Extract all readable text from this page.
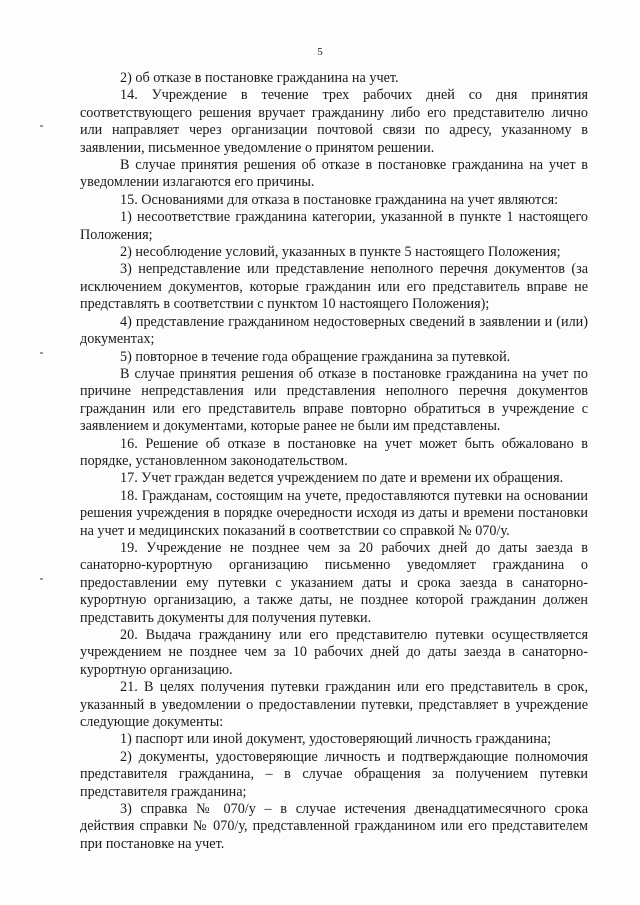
5

2) об отказе в постановке гражданина на учет.

14. Учреждение в течение трех рабочих дней со дня принятия соответствующего решения вручает гражданину либо его представителю лично или направляет через организации почтовой связи по адресу, указанному в заявлении, письменное уведомление о принятом решении.

В случае принятия решения об отказе в постановке гражданина на учет в уведомлении излагаются его причины.

15. Основаниями для отказа в постановке гражданина на учет являются:

1) несоответствие гражданина категории, указанной в пункте 1 настоящего Положения;

2) несоблюдение условий, указанных в пункте 5 настоящего Положения;

3) непредставление или представление неполного перечня документов (за исключением документов, которые гражданин или его представитель вправе не представлять в соответствии с пунктом 10 настоящего Положения);

4) представление гражданином недостоверных сведений в заявлении и (или) документах;

5) повторное в течение года обращение гражданина за путевкой.

В случае принятия решения об отказе в постановке гражданина на учет по причине непредставления или представления неполного перечня документов гражданин или его представитель вправе повторно обратиться в учреждение с заявлением и документами, которые ранее не были им представлены.

16. Решение об отказе в постановке на учет может быть обжаловано в порядке, установленном законодательством.

17. Учет граждан ведется учреждением по дате и времени их обращения.

18. Гражданам, состоящим на учете, предоставляются путевки на основании решения учреждения в порядке очередности исходя из даты и времени постановки на учет и медицинских показаний в соответствии со справкой № 070/у.

19. Учреждение не позднее чем за 20 рабочих дней до даты заезда в санаторно-курортную организацию письменно уведомляет гражданина о предоставлении ему путевки с указанием даты и срока заезда в санаторно-курортную организацию, а также даты, не позднее которой гражданин должен представить документы для получения путевки.

20. Выдача гражданину или его представителю путевки осуществляется учреждением не позднее чем за 10 рабочих дней до даты заезда в санаторно-курортную организацию.

21. В целях получения путевки гражданин или его представитель в срок, указанный в уведомлении о предоставлении путевки, представляет в учреждение следующие документы:

1) паспорт или иной документ, удостоверяющий личность гражданина;

2) документы, удостоверяющие личность и подтверждающие полномочия представителя гражданина, – в случае обращения за получением путевки представителя гражданина;

3) справка № 070/у – в случае истечения двенадцатимесячного срока действия справки № 070/у, представленной гражданином или его представителем при постановке на учет.
